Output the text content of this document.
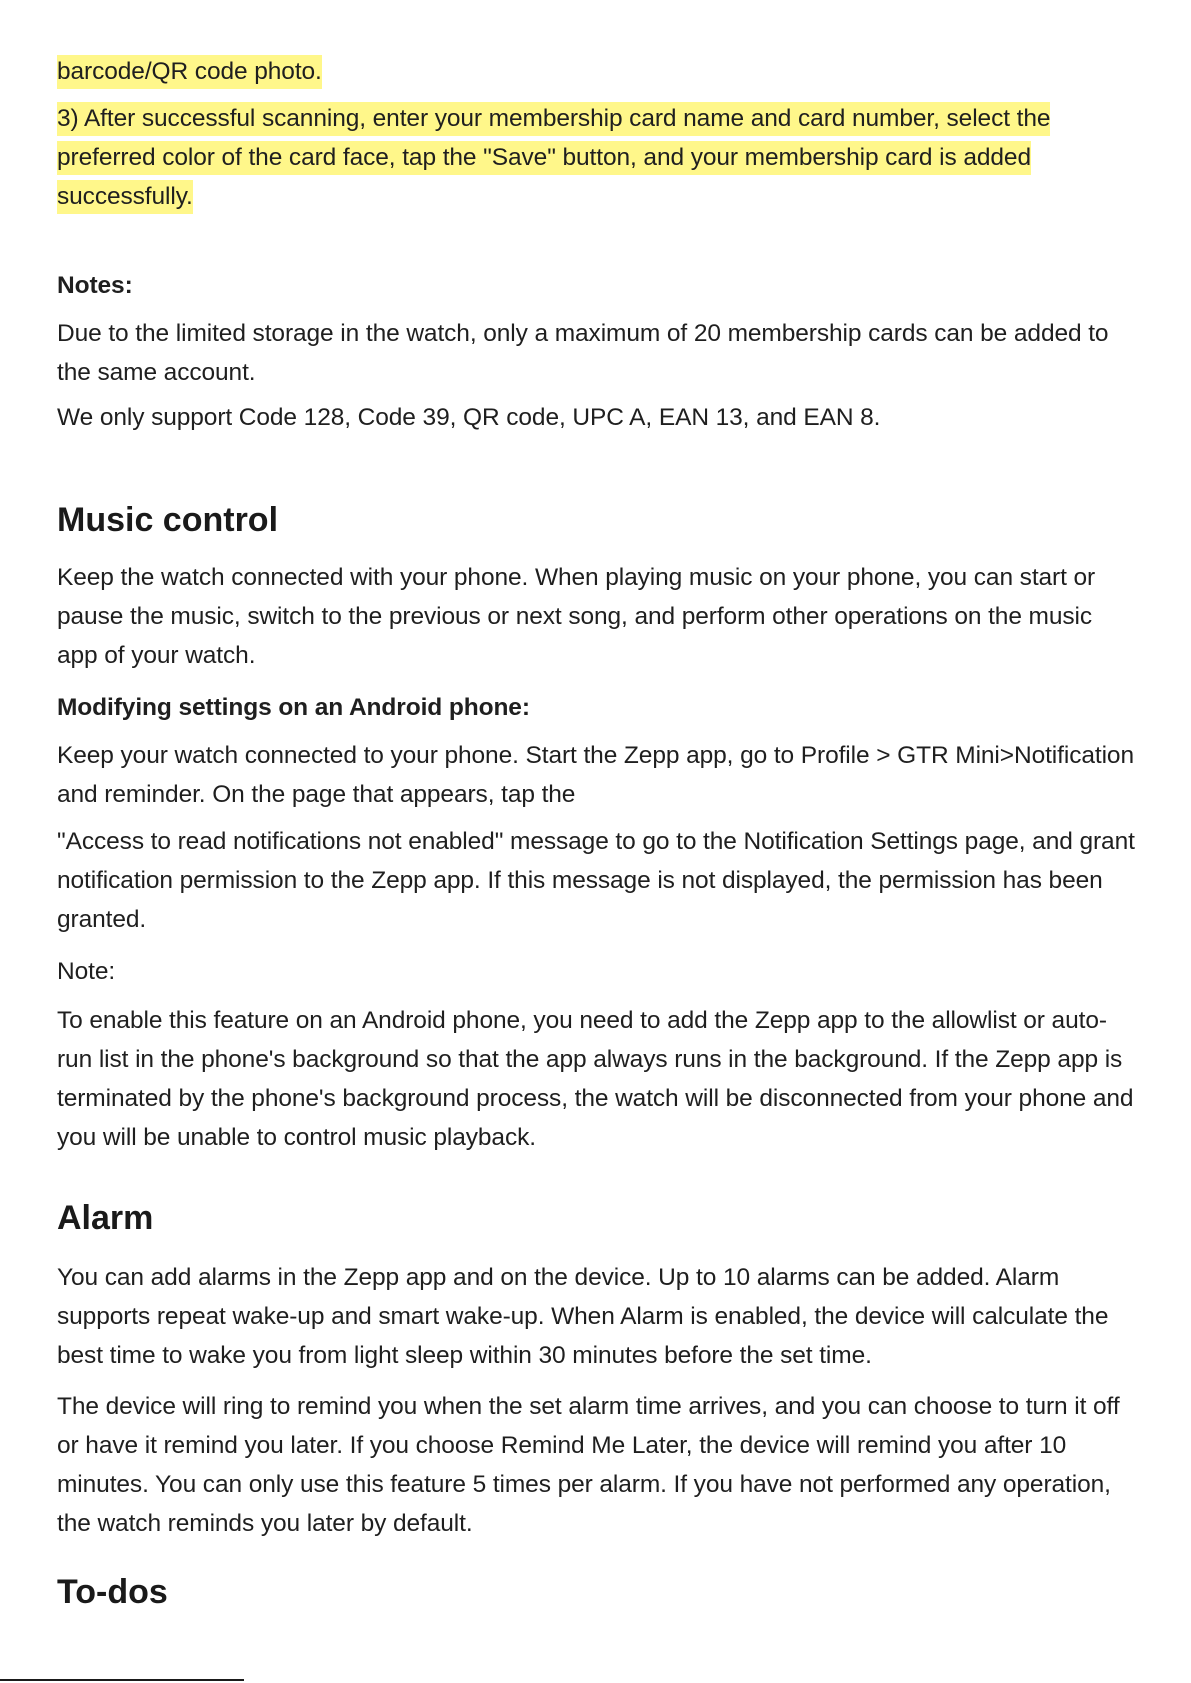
barcode/QR code photo.

3) After successful scanning, enter your membership card name and card number, select the preferred color of the card face, tap the "Save" button, and your membership card is added successfully.

Notes:

Due to the limited storage in the watch, only a maximum of 20 membership cards can be added to the same account.

We only support Code 128, Code 39, QR code, UPC A, EAN 13, and EAN 8.

Music control

Keep the watch connected with your phone. When playing music on your phone, you can start or pause the music, switch to the previous or next song, and perform other operations on the music app of your watch.

Modifying settings on an Android phone:

Keep your watch connected to your phone. Start the Zepp app, go to Profile > GTR Mini>Notification and reminder. On the page that appears, tap the

"Access to read notifications not enabled" message to go to the Notification Settings page, and grant notification permission to the Zepp app. If this message is not displayed, the permission has been granted.

Note:

To enable this feature on an Android phone, you need to add the Zepp app to the allowlist or auto-run list in the phone's background so that the app always runs in the background. If the Zepp app is terminated by the phone's background process, the watch will be disconnected from your phone and you will be unable to control music playback.

Alarm

You can add alarms in the Zepp app and on the device. Up to 10 alarms can be added. Alarm supports repeat wake-up and smart wake-up. When Alarm is enabled, the device will calculate the best time to wake you from light sleep within 30 minutes before the set time.

The device will ring to remind you when the set alarm time arrives, and you can choose to turn it off or have it remind you later. If you choose Remind Me Later, the device will remind you after 10 minutes. You can only use this feature 5 times per alarm. If you have not performed any operation, the watch reminds you later by default.

To-dos
